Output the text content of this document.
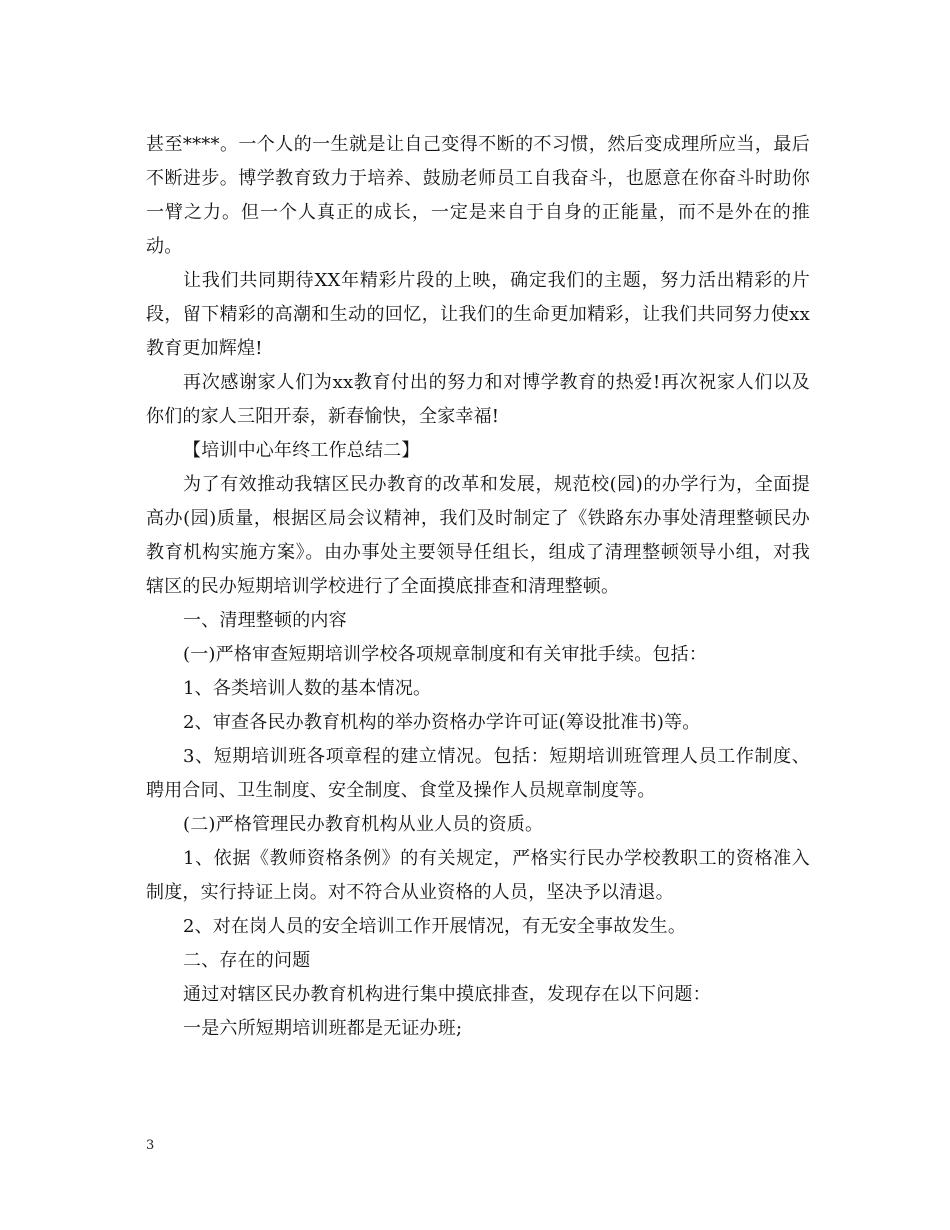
甚至****。一个人的一生就是让自己变得不断的不习惯，然后变成理所应当，最后不断进步。博学教育致力于培养、鼓励老师员工自我奋斗，也愿意在你奋斗时助你一臂之力。但一个人真正的成长，一定是来自于自身的正能量，而不是外在的推动。

让我们共同期待XX年精彩片段的上映，确定我们的主题，努力活出精彩的片段，留下精彩的高潮和生动的回忆，让我们的生命更加精彩，让我们共同努力使xx教育更加辉煌!

再次感谢家人们为xx教育付出的努力和对博学教育的热爱!再次祝家人们以及你们的家人三阳开泰，新春愉快，全家幸福!

【培训中心年终工作总结二】

为了有效推动我辖区民办教育的改革和发展，规范校(园)的办学行为，全面提高办(园)质量，根据区局会议精神，我们及时制定了《铁路东办事处清理整顿民办教育机构实施方案》。由办事处主要领导任组长，组成了清理整顿领导小组，对我辖区的民办短期培训学校进行了全面摸底排查和清理整顿。

一、清理整顿的内容

(一)严格审查短期培训学校各项规章制度和有关审批手续。包括：

1、各类培训人数的基本情况。

2、审查各民办教育机构的举办资格办学许可证(筹设批准书)等。

3、短期培训班各项章程的建立情况。包括：短期培训班管理人员工作制度、聘用合同、卫生制度、安全制度、食堂及操作人员规章制度等。

(二)严格管理民办教育机构从业人员的资质。

1、依据《教师资格条例》的有关规定，严格实行民办学校教职工的资格准入制度，实行持证上岗。对不符合从业资格的人员，坚决予以清退。

2、对在岗人员的安全培训工作开展情况，有无安全事故发生。

二、存在的问题

通过对辖区民办教育机构进行集中摸底排查，发现存在以下问题：

一是六所短期培训班都是无证办班;

3
